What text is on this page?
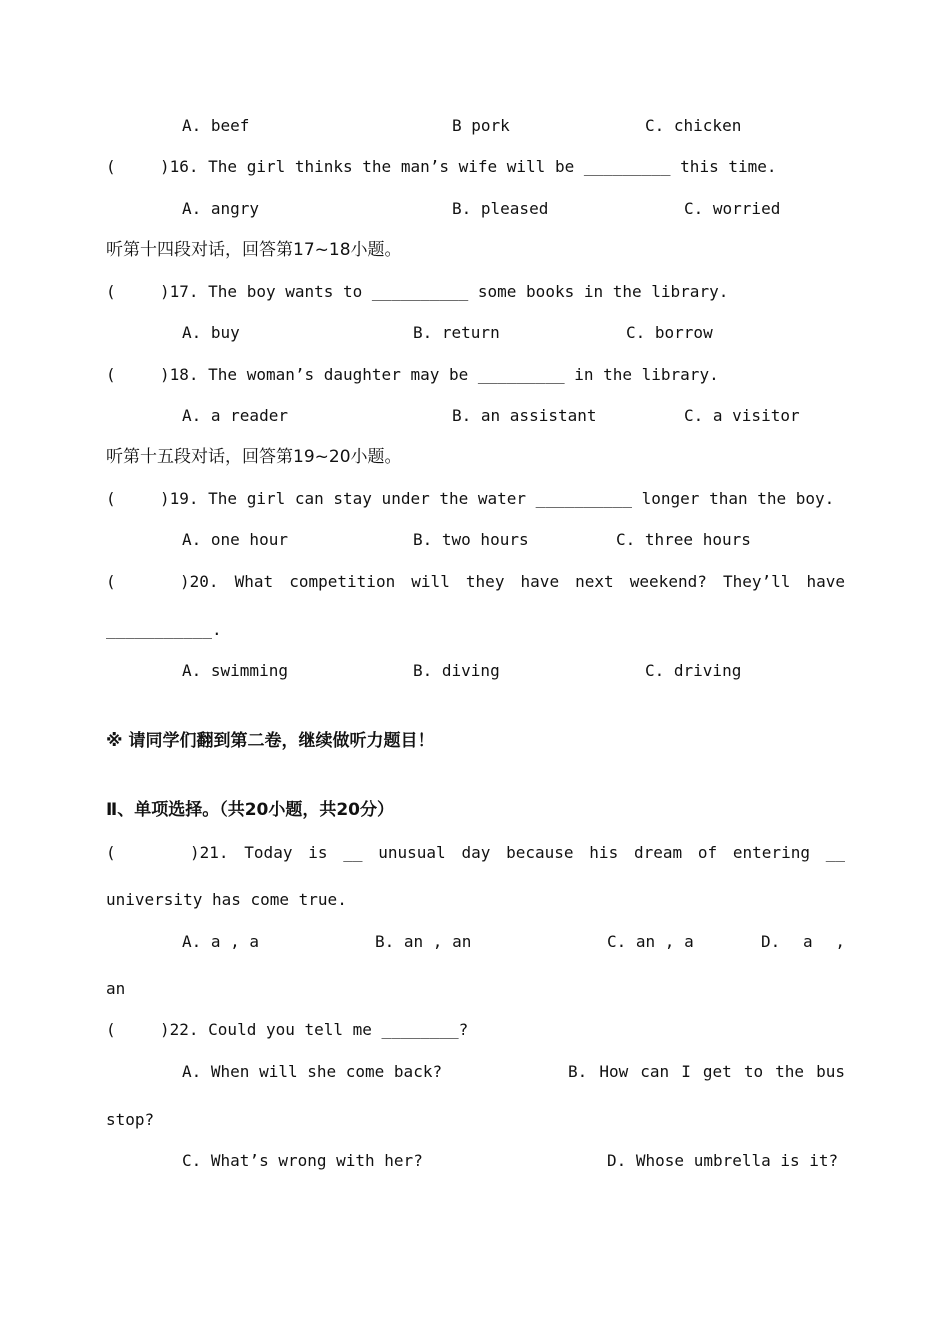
A. beef	B pork	C. chicken
(	)16. The girl thinks the man’s wife will be _________ this time.
A. angry	B. pleased	C. worried
听第十四段对话，回答第17~18小题。
(	)17. The boy wants to __________ some books in the library.
A. buy	B. return	C. borrow
(	)18. The woman’s daughter may be _________ in the library.
A. a reader	B. an assistant	C. a visitor
听第十五段对话，回答第19~20小题。
(	)19. The girl can stay under the water __________ longer than the boy.
A. one hour	B. two hours	C. three hours
(	)20. What competition will they have next weekend? They’ll have
___________.
A. swimming	B. diving	C. driving
※ 请同学们翻到第二卷，继续做听力题目！
Ⅱ、单项选择。（共20小题，共20分）
(	)21. Today is __ unusual day because his dream of entering __
university has come true.
A. a , a	B. an , an	C. an , a	D. a ,
an
(	)22. Could you tell me ________?
A. When will she come back?	B. How can I get to the bus
stop?
C. What’s wrong with her?	D. Whose umbrella is it?
